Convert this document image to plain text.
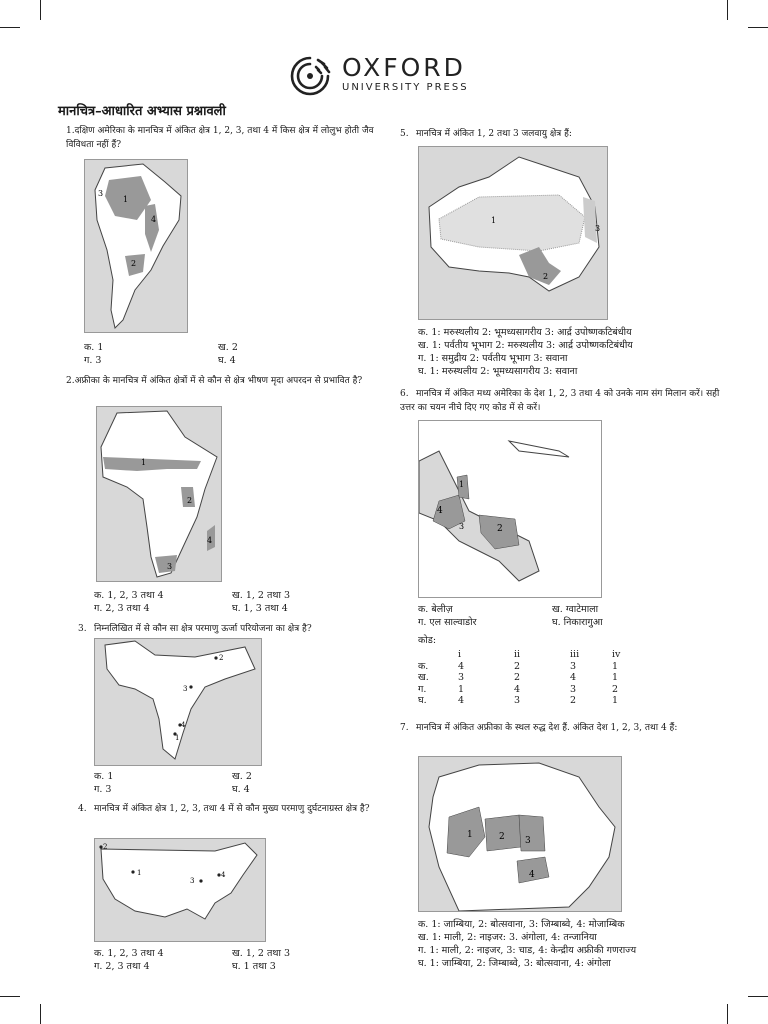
OXFORD
UNIVERSITY PRESS
मानचित्र–आधारित अभ्यास प्रश्नावली
1.दक्षिण अमेरिका के मानचित्र में अंकित क्षेत्र 1, 2, 3, तथा 4 में किस क्षेत्र में लोलुभ होती जैव विविधता नहीं हैं?
1
2
3
4
क. 1	ख. 2
ग. 3	घ. 4
2.अफ्रीका के मानचित्र में अंकित क्षेत्रों में से कौन से क्षेत्र भीषण मृदा अपरदन से प्रभावित है?
1
2
3
4
क. 1, 2, 3 तथा 4	ख. 1, 2 तथा 3
ग. 2, 3 तथा 4	घ. 1, 3 तथा 4
3. निम्नलिखित में से कौन सा क्षेत्र परमाणु ऊर्जा परियोजना का क्षेत्र है?
2
3
4
1
क. 1	ख. 2
ग. 3	घ. 4
4. मानचित्र में अंकित क्षेत्र 1, 2, 3, तथा 4 में से कौन मुख्य परमाणु दुर्घटनाग्रस्त क्षेत्र है?
2
1
3
4
क. 1, 2, 3 तथा 4	ख. 1, 2 तथा 3
ग. 2, 3 तथा 4	घ. 1 तथा 3
5. मानचित्र में अंकित 1, 2 तथा 3 जलवायु क्षेत्र हैं:
1
2
3
क. 1: मरुस्थलीय 2: भूमध्यसागरीय 3: आर्द्र उपोष्णकटिबंधीय
ख. 1: पर्वतीय भूभाग 2: मरुस्थलीय 3: आर्द्र उपोष्णकटिबंधीय
ग. 1: समुद्रीय 2: पर्वतीय भूभाग 3: सवाना
घ. 1: मरुस्थलीय 2: भूमध्यसागरीय 3: सवाना
6. मानचित्र में अंकित मध्य अमेरिका के देश 1, 2, 3 तथा 4 को उनके नाम संग मिलान करें। सही उत्तर का चयन नीचे दिए गए कोड में से करें।
1
4
3	2
क. बेलीज़	ख. ग्वाटेमाला
ग. एल साल्वाडोर	घ. निकारागुआ
कोड:
	i	ii	iii	iv
क.	4	2	3	1
ख.	3	2	4	1
ग.	1	4	3	2
घ.	4	3	2	1
7. मानचित्र में अंकित अफ्रीका के स्थल रुद्ध देश हैं. अंकित देश 1, 2, 3, तथा 4 हैं:
1	2 3
4
क. 1: जाम्बिया, 2: बोत्सवाना, 3: जिम्बाब्वे, 4: मोजाम्बिक
ख. 1: माली, 2: नाइजर: 3. अंगोला, 4: तन्जानिया
ग. 1: माली, 2: नाइजर, 3: चाड, 4: केन्द्रीय अफ्रीकी गणराज्य
घ. 1: जाम्बिया, 2: जिम्बाब्वे, 3: बोत्सवाना, 4: अंगोला
